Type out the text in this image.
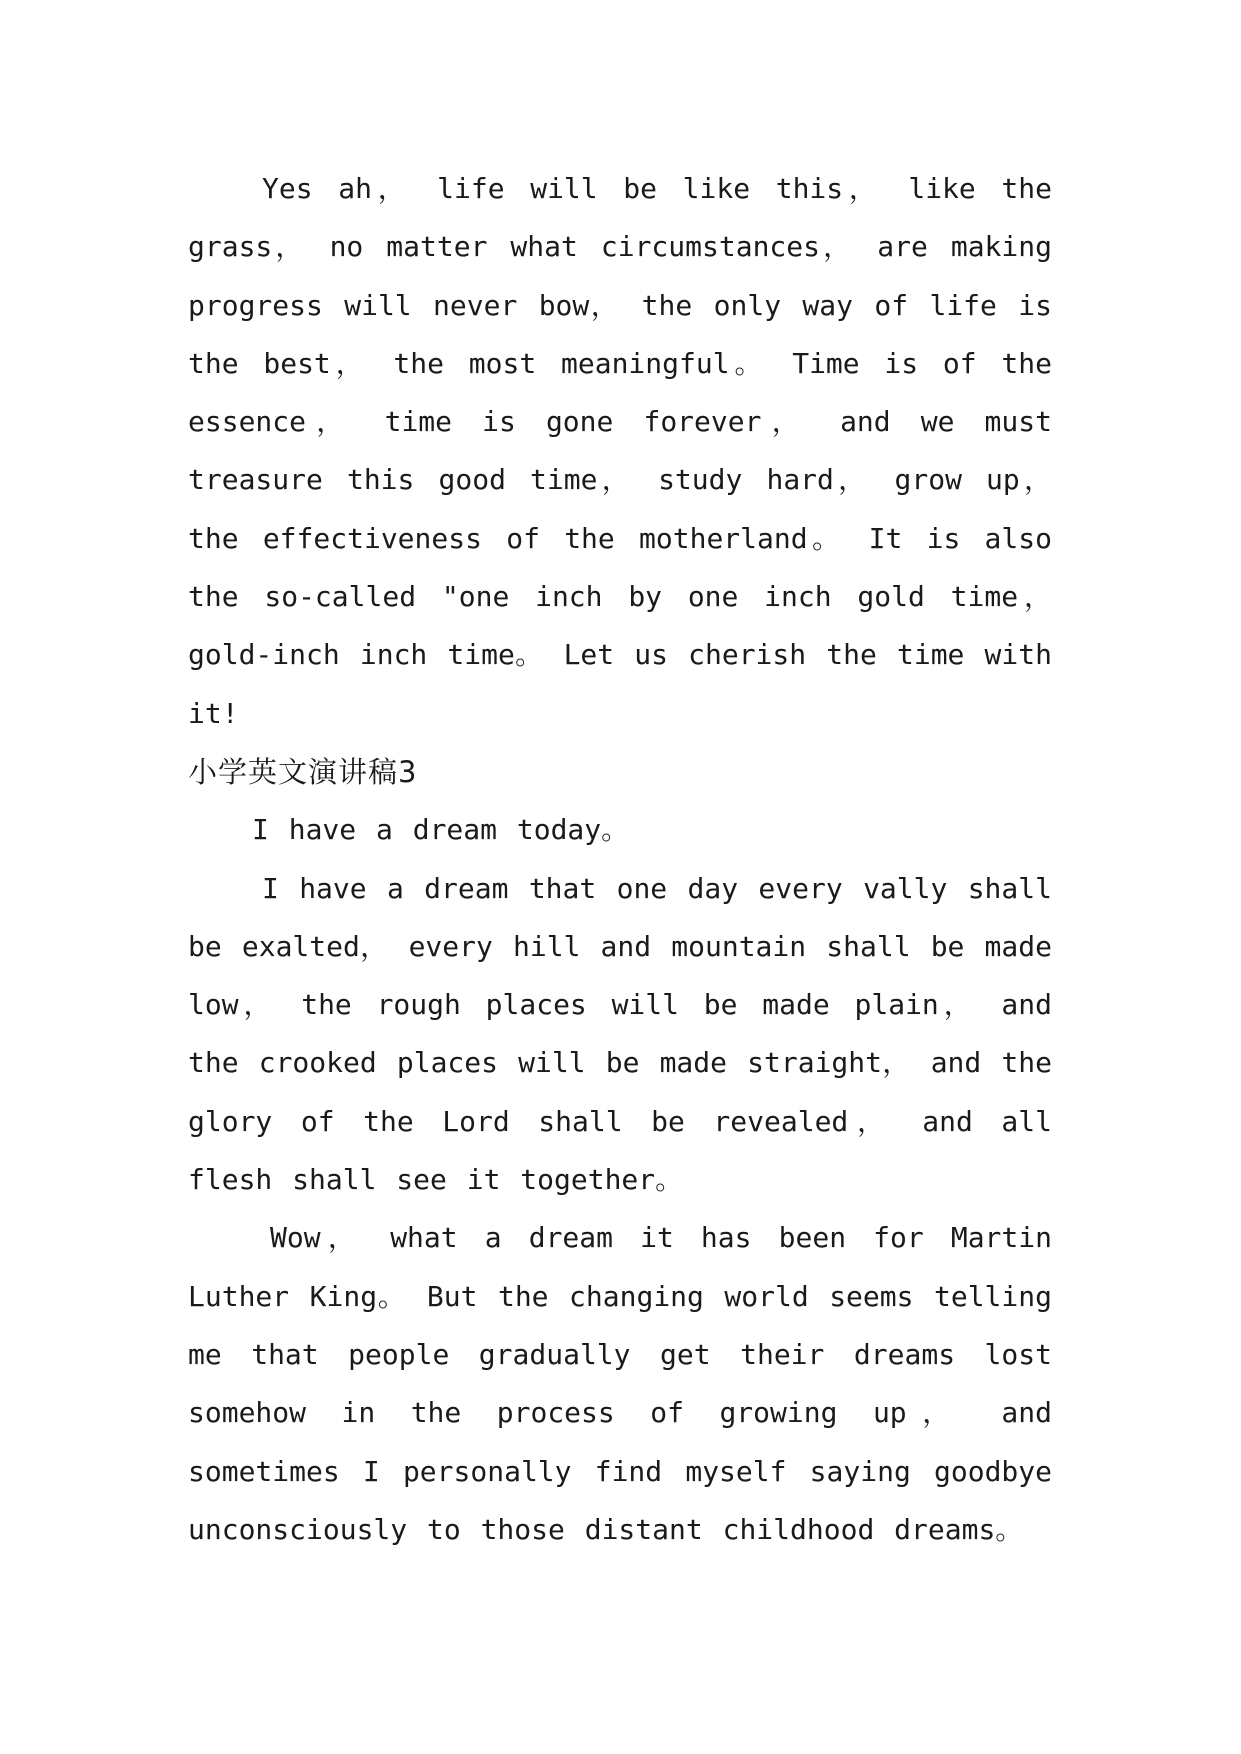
Yes ah， life will be like this， like the grass， no matter what circumstances， are making progress will never bow， the only way of life is the best， the most meaningful。 Time is of the essence， time is gone forever， and we must treasure this good time， study hard， grow up， the effectiveness of the motherland。 It is also the so-called "one inch by one inch gold time， gold-inch inch time。 Let us cherish the time with it!

小学英文演讲稿3

I have a dream today。

I have a dream that one day every vally shall be exalted， every hill and mountain shall be made low， the rough places will be made plain， and the crooked places will be made straight， and the glory of the Lord shall be revealed， and all flesh shall see it together。

Wow， what a dream it has been for Martin Luther King。 But the changing world seems telling me that people gradually get their dreams lost somehow in the process of growing up， and sometimes I personally find myself saying goodbye unconsciously to those distant childhood dreams。
